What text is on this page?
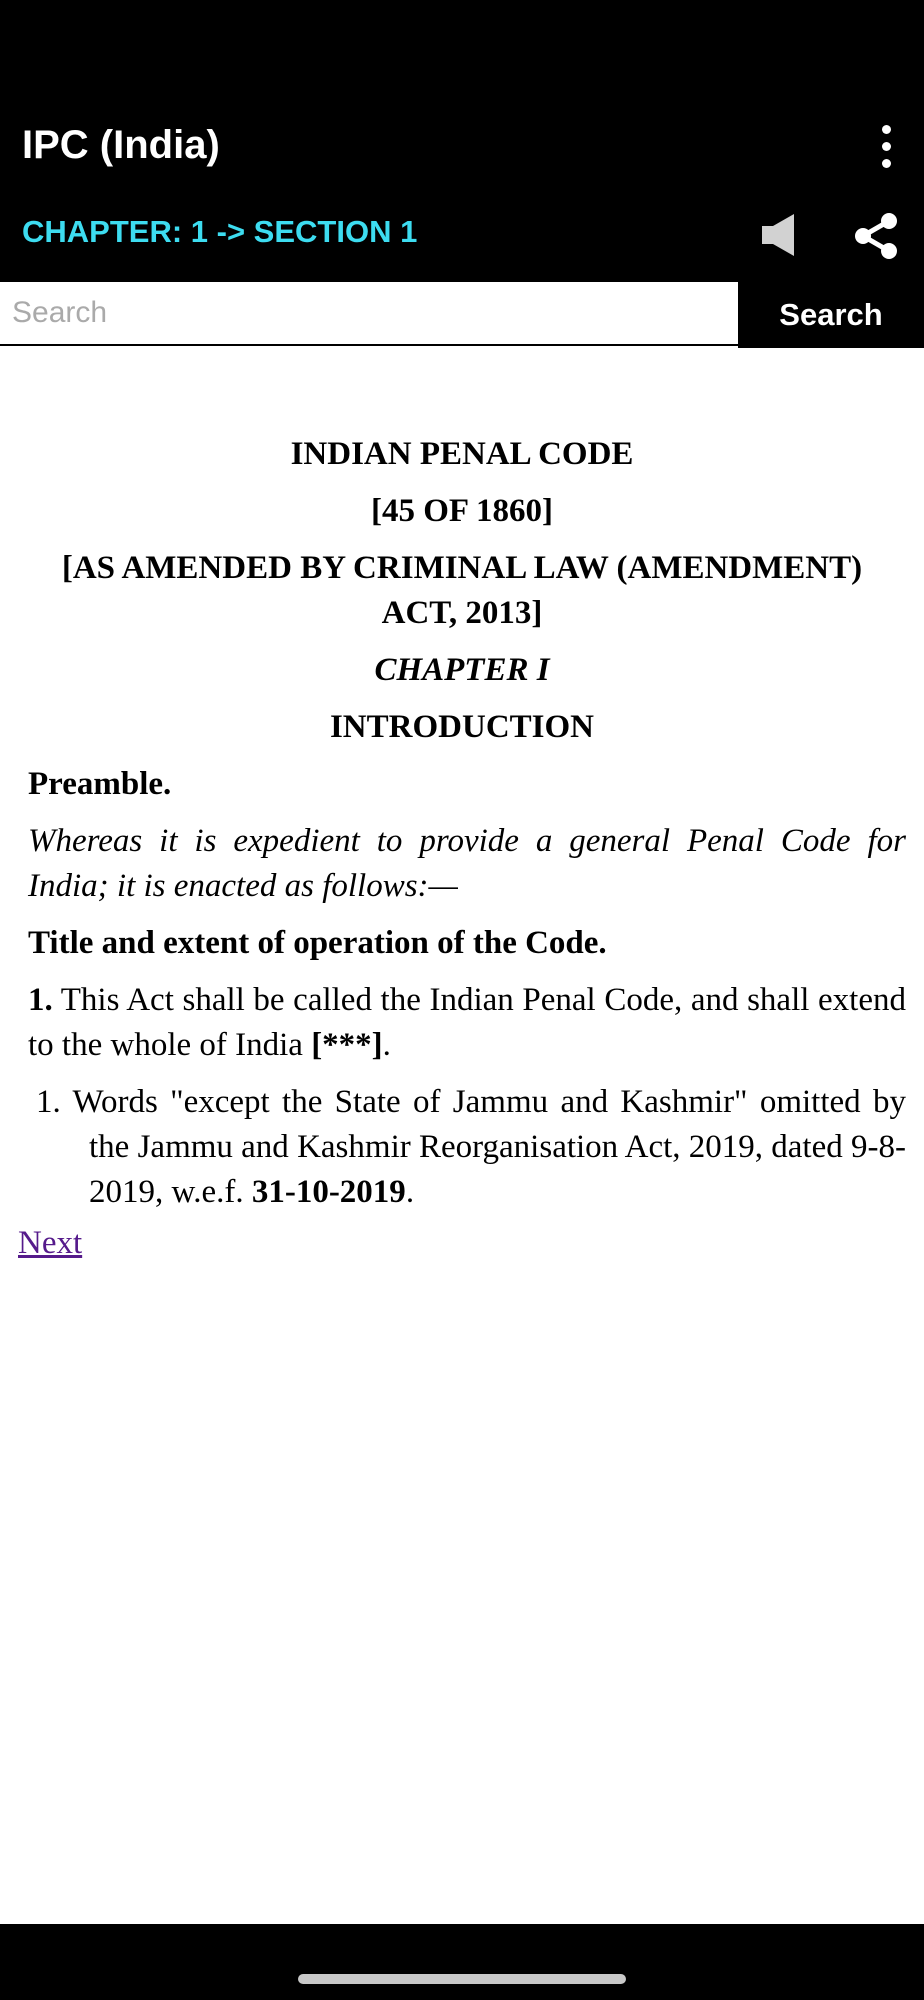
IPC (India)
CHAPTER: 1 -> SECTION 1
Search
Search

INDIAN PENAL CODE

[45 OF 1860]

[AS AMENDED BY CRIMINAL LAW (AMENDMENT) ACT, 2013]

CHAPTER I

INTRODUCTION

Preamble.

Whereas it is expedient to provide a general Penal Code for India; it is enacted as follows:—

Title and extent of operation of the Code.

1. This Act shall be called the Indian Penal Code, and shall extend to the whole of India [***].

1. Words "except the State of Jammu and Kashmir" omitted by the Jammu and Kashmir Reorganisation Act, 2019, dated 9-8-2019, w.e.f. 31-10-2019.

Next
